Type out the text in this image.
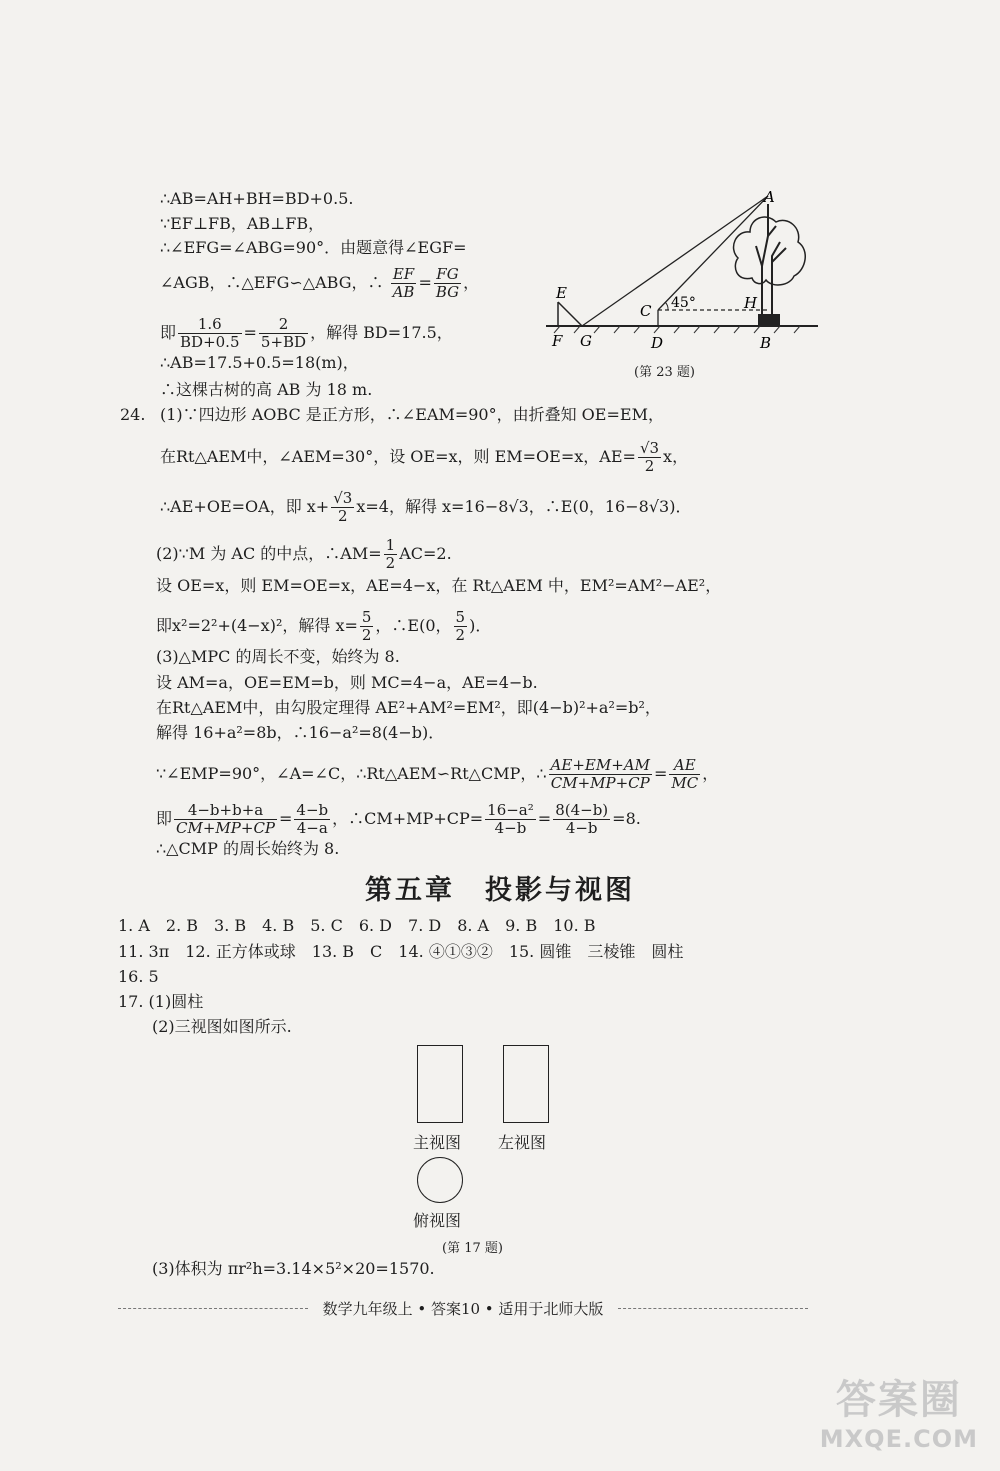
∴AB=AH+BH=BD+0.5.
∵EF⊥FB，AB⊥FB，
∴∠EFG=∠ABG=90°．由题意得∠EGF=
∠AGB，∴△EFG∽△ABG，∴ $\frac{EF}{AB} = \frac{FG}{BG}$ ，
即 $\frac{1.6}{BD+0.5} = \frac{2}{5+BD}$ ，解得 BD=17.5，
∴AB=17.5+0.5=18(m)，
∴这棵古树的高 AB 为 18 m.
E
F G
C
D
45°	H
A
B
(第 23 题)
24. (1)∵四边形 AOBC 是正方形，∴∠EAM=90°，由折叠知 OE=EM，
在Rt△AEM中，∠AEM=30°，设 OE=x，则 EM=OE=x，$AE= \frac{√3}{2}$ x，
∴AE+OE=OA，即 $x+ \frac{√3}{2} x=4$，解得 x=16−8√3，∴E(0，16−8√3)．
(2)∵M 为 AC 的中点，∴AM= $\frac{1}{2} AC=2$.
设 OE=x，则 EM=OE=x，AE=4−x，在 Rt△AEM 中，EM²=AM²−AE²，
即x²=2²+(4−x)²，解得 $x= \frac{5}{2}$ ，∴E(0， $\frac{5}{2}$ )．
(3)△MPC 的周长不变，始终为 8.
设 AM=a，OE=EM=b，则 MC=4−a，AE=4−b.
在Rt△AEM中，由勾股定理得 AE²+AM²=EM²，即(4−b)²+a²=b²，
解得 16+a²=8b，∴16−a²=8(4−b)．
∵∠EMP=90°，∠A=∠C，∴Rt△AEM∽Rt△CMP，∴ $\frac{AE+EM+AM}{CM+MP+CP} = \frac{AE}{MC}$ ，
即 $\frac{4-b+b+a}{CM+MP+CP} = \frac{4-b}{4-a}$ ，∴CM+MP+CP= $\frac{\text{16−a²}}{4-b} = \frac{8(4-b)}{4-b} =8$.
∴△CMP 的周长始终为 8.
第五章　投影与视图
1. A　2. B　3. B　4. B　5. C　6. D　7. D　8. A　9. B　10. B
11. 3π　12. 正方体或球　13. B　C　14. ④①③②　15. 圆锥　三棱锥　圆柱
16. 5
17. (1)圆柱
(2)三视图如图所示.
主视图 左视图
俯视图
(第 17 题)
(3)体积为 πr²h=3.14×5²×20=1570.
数学九年级上 • 答案10 • 适用于北师大版
答案圈
MXQE.COM
